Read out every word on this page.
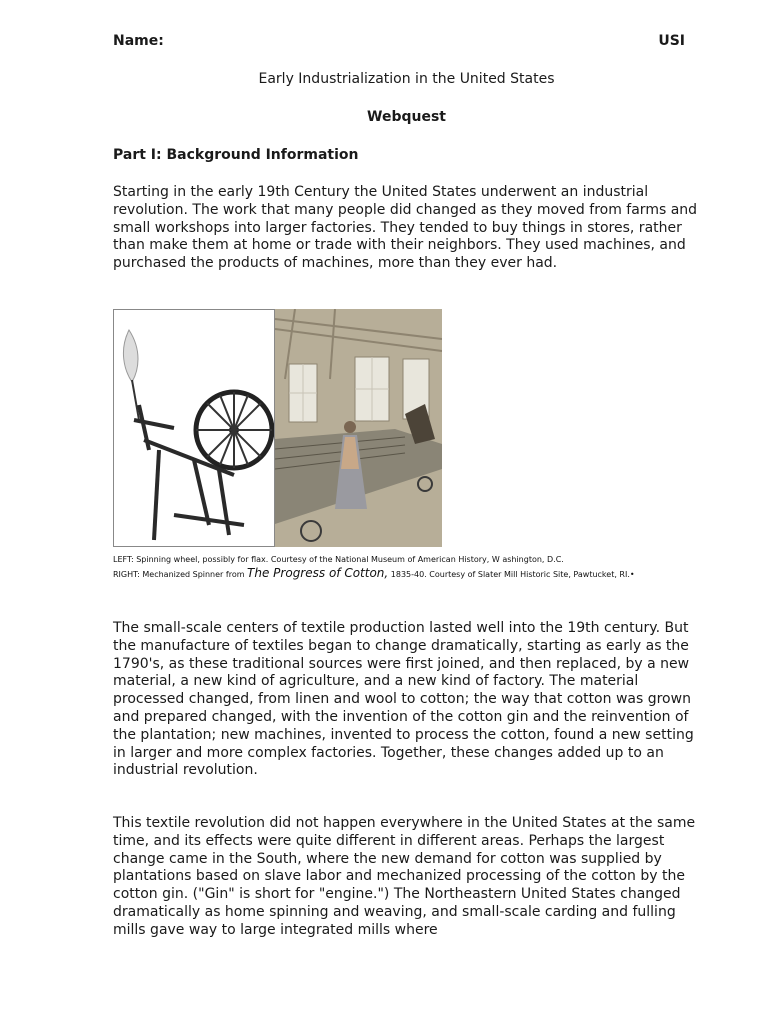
Name:	USI
Early Industrialization in the United States
Webquest
Part I: Background Information

Starting in the early 19th Century the United States underwent an industrial revolution. The work that many people did changed as they moved from farms and small workshops into larger factories. They tended to buy things in stores, rather than make them at home or trade with their neighbors. They used machines, and purchased the products of machines, more than they ever had.

LEFT: Spinning wheel, possibly for flax. Courtesy of the National Museum of American History, W ashington, D.C.
RIGHT: Mechanized Spinner from The Progress of Cotton, 1835-40. Courtesy of Slater Mill Historic Site, Pawtucket, RI.•

The small-scale centers of textile production lasted well into the 19th century. But the manufacture of textiles began to change dramatically, starting as early as the 1790's, as these traditional sources were first joined, and then replaced, by a new material, a new kind of agriculture, and a new kind of factory. The material processed changed, from linen and wool to cotton; the way that cotton was grown and prepared changed, with the invention of the cotton gin and the reinvention of the plantation; new machines, invented to process the cotton, found a new setting in larger and more complex factories. Together, these changes added up to an industrial revolution.

This textile revolution did not happen everywhere in the United States at the same time, and its effects were quite different in different areas. Perhaps the largest change came in the South, where the new demand for cotton was supplied by plantations based on slave labor and mechanized processing of the cotton by the cotton gin. ("Gin" is short for "engine.") The Northeastern United States changed dramatically as home spinning and weaving, and small-scale carding and fulling mills gave way to large integrated mills where
